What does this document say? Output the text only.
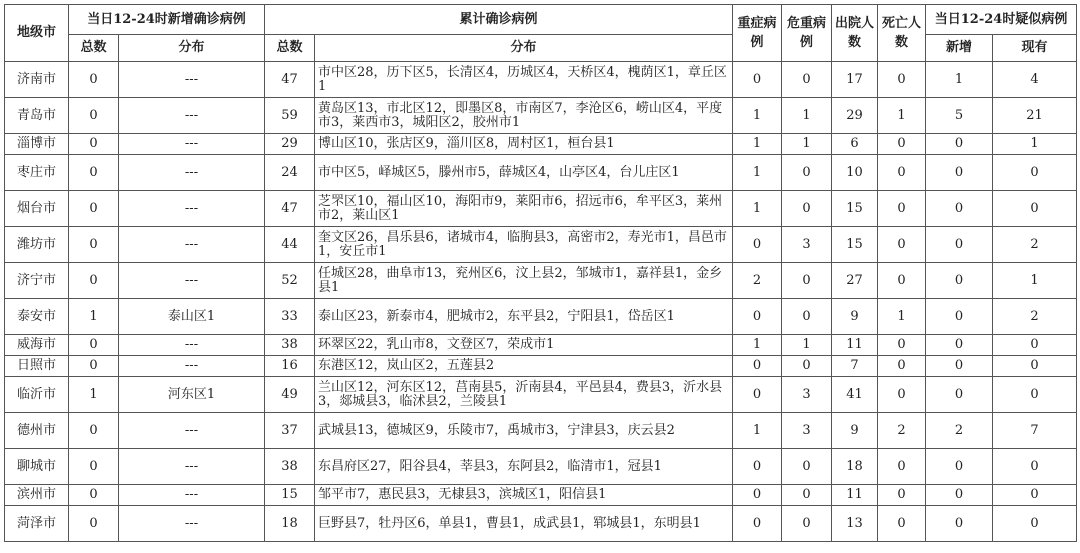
地级市	当日12-24时新增确诊病例		累计确诊病例		重症病例	危重病例	出院人数	死亡人数	当日12-24时疑似病例	
	总数	分布	总数	分布					新增	现有
济南市	0	---	47	市中区28，历下区5，长清区4，历城区4，天桥区4，槐荫区1，章丘区1	0	0	17	0	1	4
青岛市	0	---	59	黄岛区13，市北区12，即墨区8，市南区7，李沧区6，崂山区4，平度市3，莱西市3，城阳区2，胶州市1	1	1	29	1	5	21
淄博市	0	---	29	博山区10，张店区9，淄川区8，周村区1，桓台县1	1	1	6	0	0	1
枣庄市	0	---	24	市中区5，峄城区5，滕州市5，薛城区4，山亭区4，台儿庄区1	1	0	10	0	0	0
烟台市	0	---	47	芝罘区10，福山区10，海阳市9，莱阳市6，招远市6，牟平区3，莱州市2，莱山区1	1	0	15	0	0	0
潍坊市	0	---	44	奎文区26，昌乐县6，诸城市4，临朐县3，高密市2，寿光市1，昌邑市1，安丘市1	0	3	15	0	0	2
济宁市	0	---	52	任城区28，曲阜市13，兖州区6，汶上县2，邹城市1，嘉祥县1，金乡县1	2	0	27	0	0	1
泰安市	1	泰山区1	33	泰山区23，新泰市4，肥城市2，东平县2，宁阳县1，岱岳区1	0	0	9	1	0	2
威海市	0	---	38	环翠区22，乳山市8，文登区7，荣成市1	1	1	11	0	0	0
日照市	0	---	16	东港区12，岚山区2，五莲县2	0	0	7	0	0	0
临沂市	1	河东区1	49	兰山区12，河东区12，莒南县5，沂南县4，平邑县4，费县3，沂水县3，郯城县3，临沭县2，兰陵县1	0	3	41	0	0	0
德州市	0	---	37	武城县13，德城区9，乐陵市7，禹城市3，宁津县3，庆云县2	1	3	9	2	2	7
聊城市	0	---	38	东昌府区27，阳谷县4，莘县3，东阿县2，临清市1，冠县1	0	0	18	0	0	0
滨州市	0	---	15	邹平市7，惠民县3，无棣县3，滨城区1，阳信县1	0	0	11	0	0	0
菏泽市	0	---	18	巨野县7，牡丹区6，单县1，曹县1，成武县1，郓城县1，东明县1	0	0	13	0	0	0
